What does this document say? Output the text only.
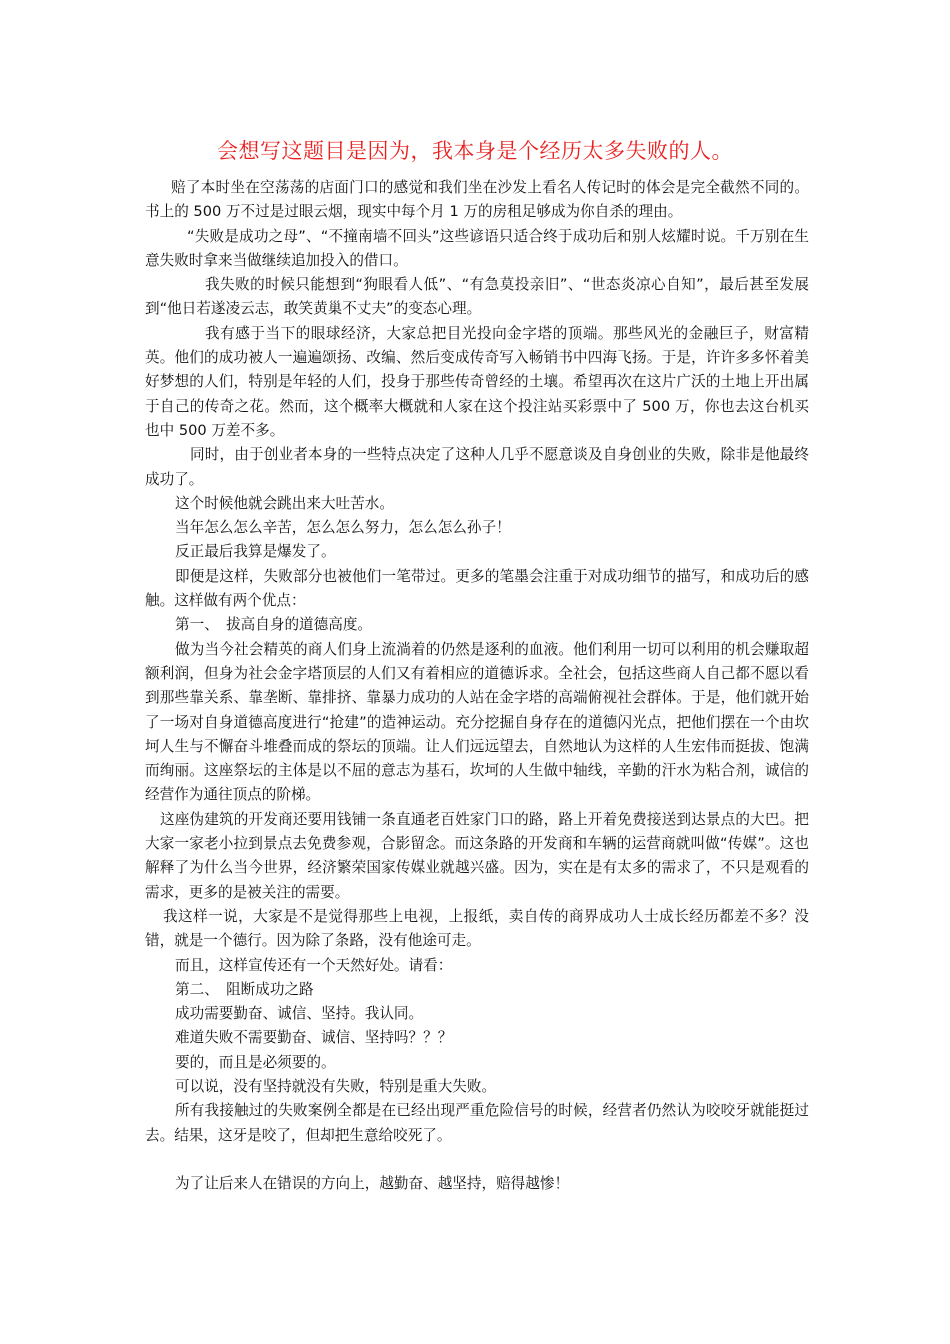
会想写这题目是因为，我本身是个经历太多失败的人。

赔了本时坐在空荡荡的店面门口的感觉和我们坐在沙发上看名人传记时的体会是完全截然不同的。书上的 500 万不过是过眼云烟，现实中每个月 1 万的房租足够成为你自杀的理由。

“失败是成功之母”、“不撞南墙不回头”这些谚语只适合终于成功后和别人炫耀时说。千万别在生意失败时拿来当做继续追加投入的借口。

我失败的时候只能想到“狗眼看人低”、“有急莫投亲旧”、“世态炎凉心自知”，最后甚至发展到“他日若遂凌云志，敢笑黄巢不丈夫”的变态心理。

我有感于当下的眼球经济，大家总把目光投向金字塔的顶端。那些风光的金融巨子，财富精英。他们的成功被人一遍遍颂扬、改编、然后变成传奇写入畅销书中四海飞扬。于是，许许多多怀着美好梦想的人们，特别是年轻的人们，投身于那些传奇曾经的土壤。希望再次在这片广沃的土地上开出属于自己的传奇之花。然而，这个概率大概就和人家在这个投注站买彩票中了 500 万，你也去这台机买也中 500 万差不多。

同时，由于创业者本身的一些特点决定了这种人几乎不愿意谈及自身创业的失败，除非是他最终成功了。

这个时候他就会跳出来大吐苦水。

当年怎么怎么辛苦，怎么怎么努力，怎么怎么孙子！

反正最后我算是爆发了。

即便是这样，失败部分也被他们一笔带过。更多的笔墨会注重于对成功细节的描写，和成功后的感触。这样做有两个优点：

第一、　拔高自身的道德高度。

做为当今社会精英的商人们身上流淌着的仍然是逐利的血液。他们利用一切可以利用的机会赚取超额利润，但身为社会金字塔顶层的人们又有着相应的道德诉求。全社会，包括这些商人自己都不愿以看到那些靠关系、靠垄断、靠排挤、靠暴力成功的人站在金字塔的高端俯视社会群体。于是，他们就开始了一场对自身道德高度进行“抢建”的造神运动。充分挖掘自身存在的道德闪光点，把他们摆在一个由坎坷人生与不懈奋斗堆叠而成的祭坛的顶端。让人们远远望去，自然地认为这样的人生宏伟而挺拔、饱满而绚丽。这座祭坛的主体是以不屈的意志为基石，坎坷的人生做中轴线，辛勤的汗水为粘合剂，诚信的经营作为通往顶点的阶梯。

这座伪建筑的开发商还要用钱铺一条直通老百姓家门口的路，路上开着免费接送到达景点的大巴。把大家一家老小拉到景点去免费参观，合影留念。而这条路的开发商和车辆的运营商就叫做“传媒”。这也解释了为什么当今世界，经济繁荣国家传媒业就越兴盛。因为，实在是有太多的需求了，不只是观看的需求，更多的是被关注的需要。

我这样一说，大家是不是觉得那些上电视，上报纸，卖自传的商界成功人士成长经历都差不多？没错，就是一个德行。因为除了条路，没有他途可走。

而且，这样宣传还有一个天然好处。请看：

第二、　阻断成功之路

成功需要勤奋、诚信、坚持。我认同。

难道失败不需要勤奋、诚信、坚持吗？？？

要的，而且是必须要的。

可以说，没有坚持就没有失败，特别是重大失败。

所有我接触过的失败案例全都是在已经出现严重危险信号的时候，经营者仍然认为咬咬牙就能挺过去。结果，这牙是咬了，但却把生意给咬死了。

为了让后来人在错误的方向上，越勤奋、越坚持，赔得越惨！
